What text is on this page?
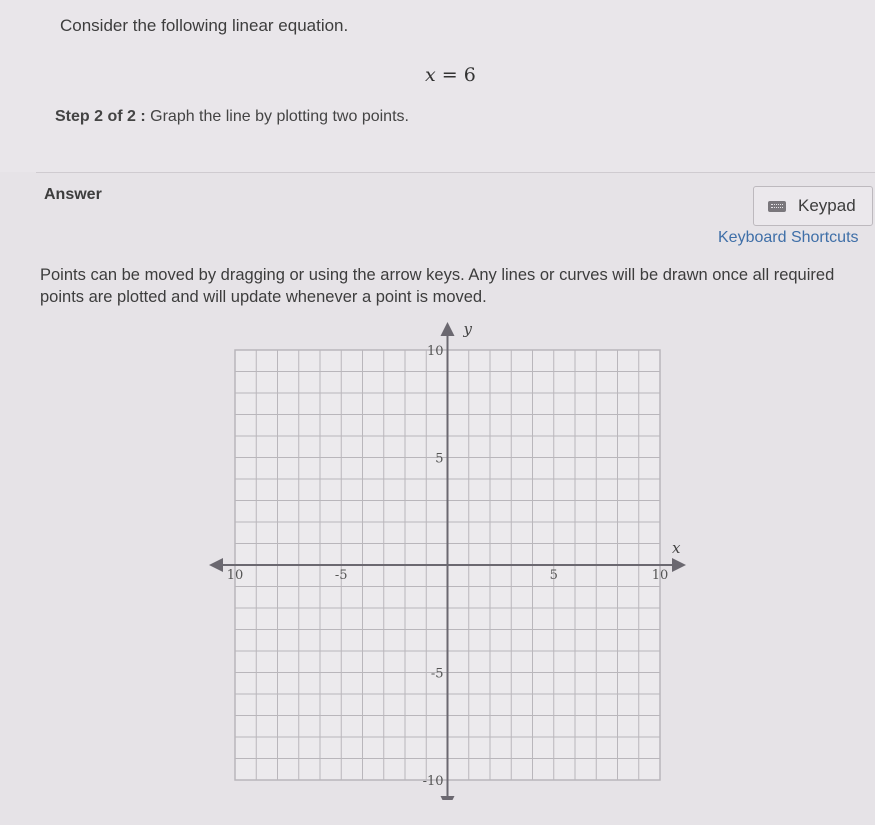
Consider the following linear equation.
x = 6
Step 2 of 2 : Graph the line by plotting two points.
Answer
Keypad
Keyboard Shortcuts
Points can be moved by dragging or using the arrow keys. Any lines or curves will be drawn once all required points are plotted and will update whenever a point is moved.
x
y
10	-5	5	10
10
5
-5
-10
